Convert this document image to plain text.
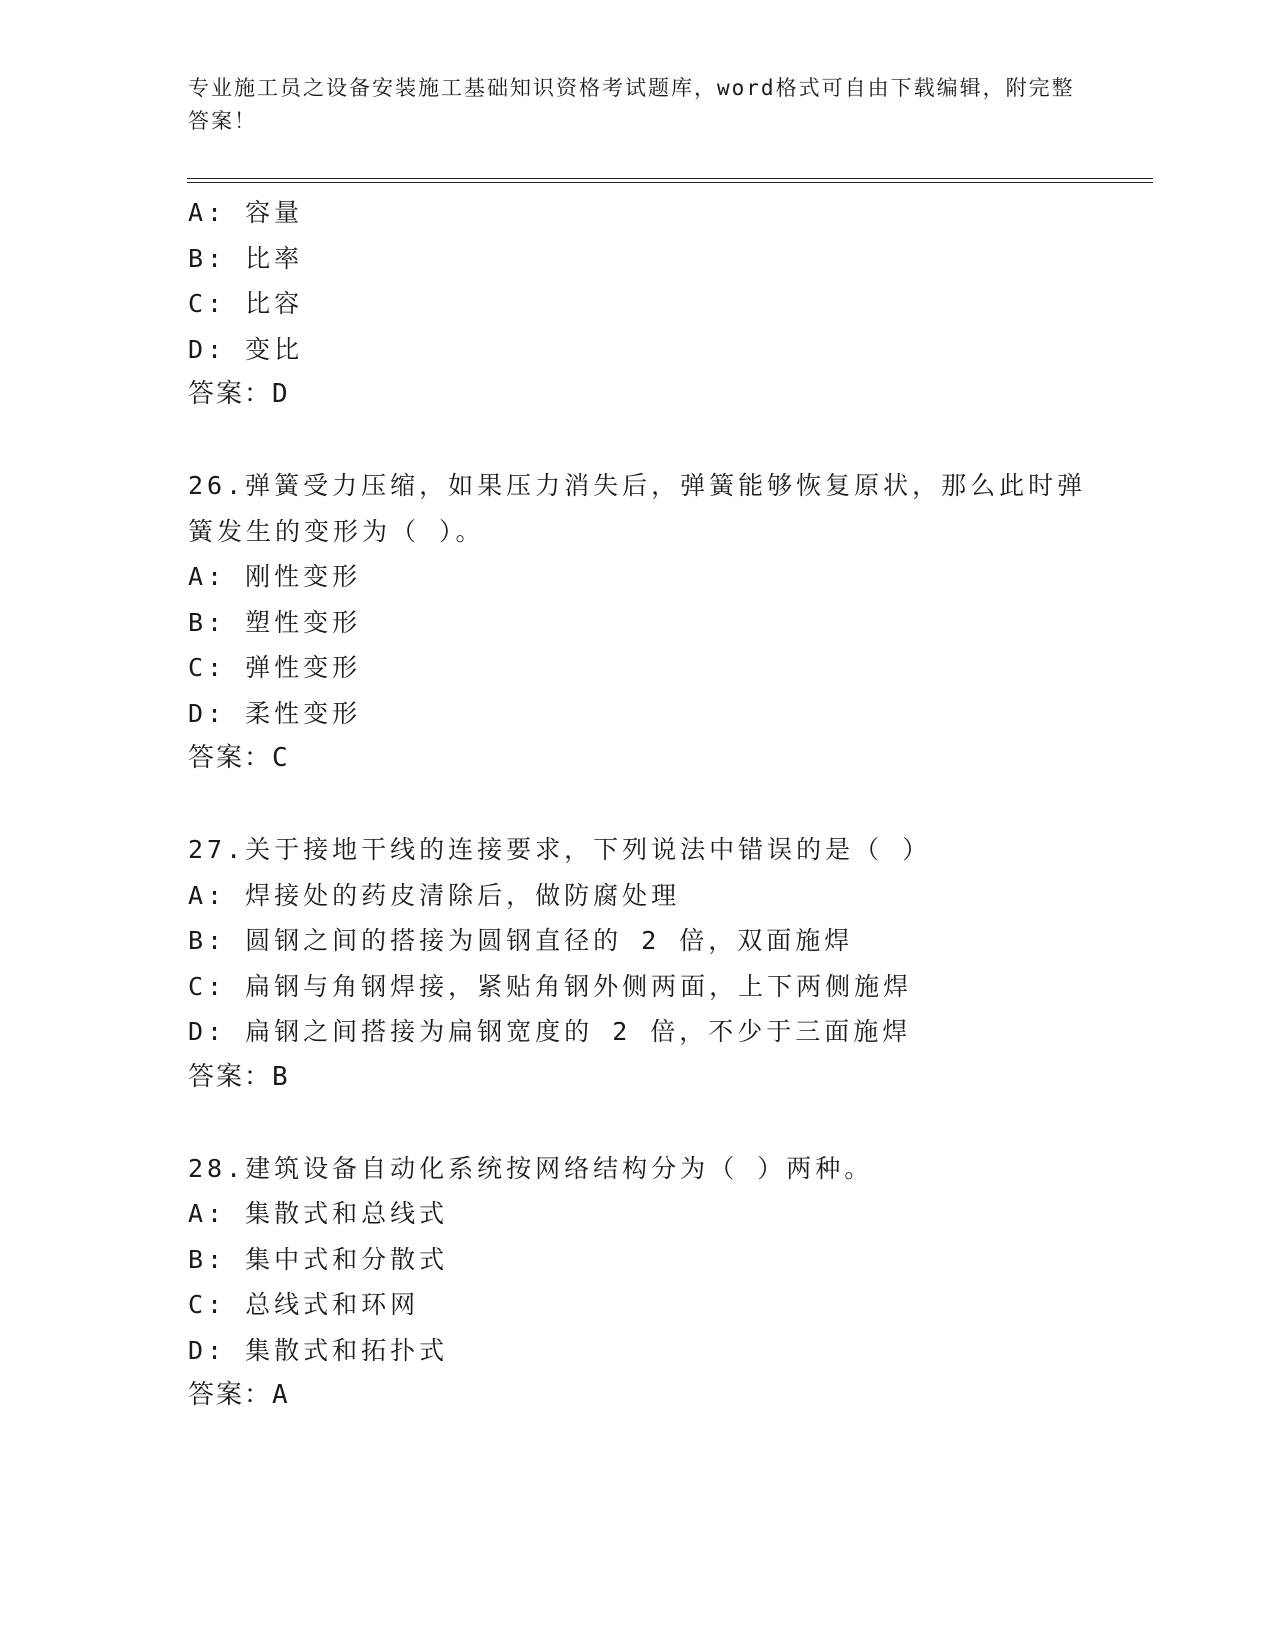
专业施工员之设备安装施工基础知识资格考试题库，word格式可自由下载编辑，附完整答案！
A: 容量
B: 比率
C: 比容
D: 变比
答案：D
26.弹簧受力压缩，如果压力消失后，弹簧能够恢复原状，那么此时弹簧发生的变形为（ ）。
A: 刚性变形
B: 塑性变形
C: 弹性变形
D: 柔性变形
答案：C
27.关于接地干线的连接要求，下列说法中错误的是（ ）
A: 焊接处的药皮清除后，做防腐处理
B: 圆钢之间的搭接为圆钢直径的 2 倍，双面施焊
C: 扁钢与角钢焊接，紧贴角钢外侧两面，上下两侧施焊
D: 扁钢之间搭接为扁钢宽度的 2 倍，不少于三面施焊
答案：B
28.建筑设备自动化系统按网络结构分为（ ）两种。
A: 集散式和总线式
B: 集中式和分散式
C: 总线式和环网
D: 集散式和拓扑式
答案：A
